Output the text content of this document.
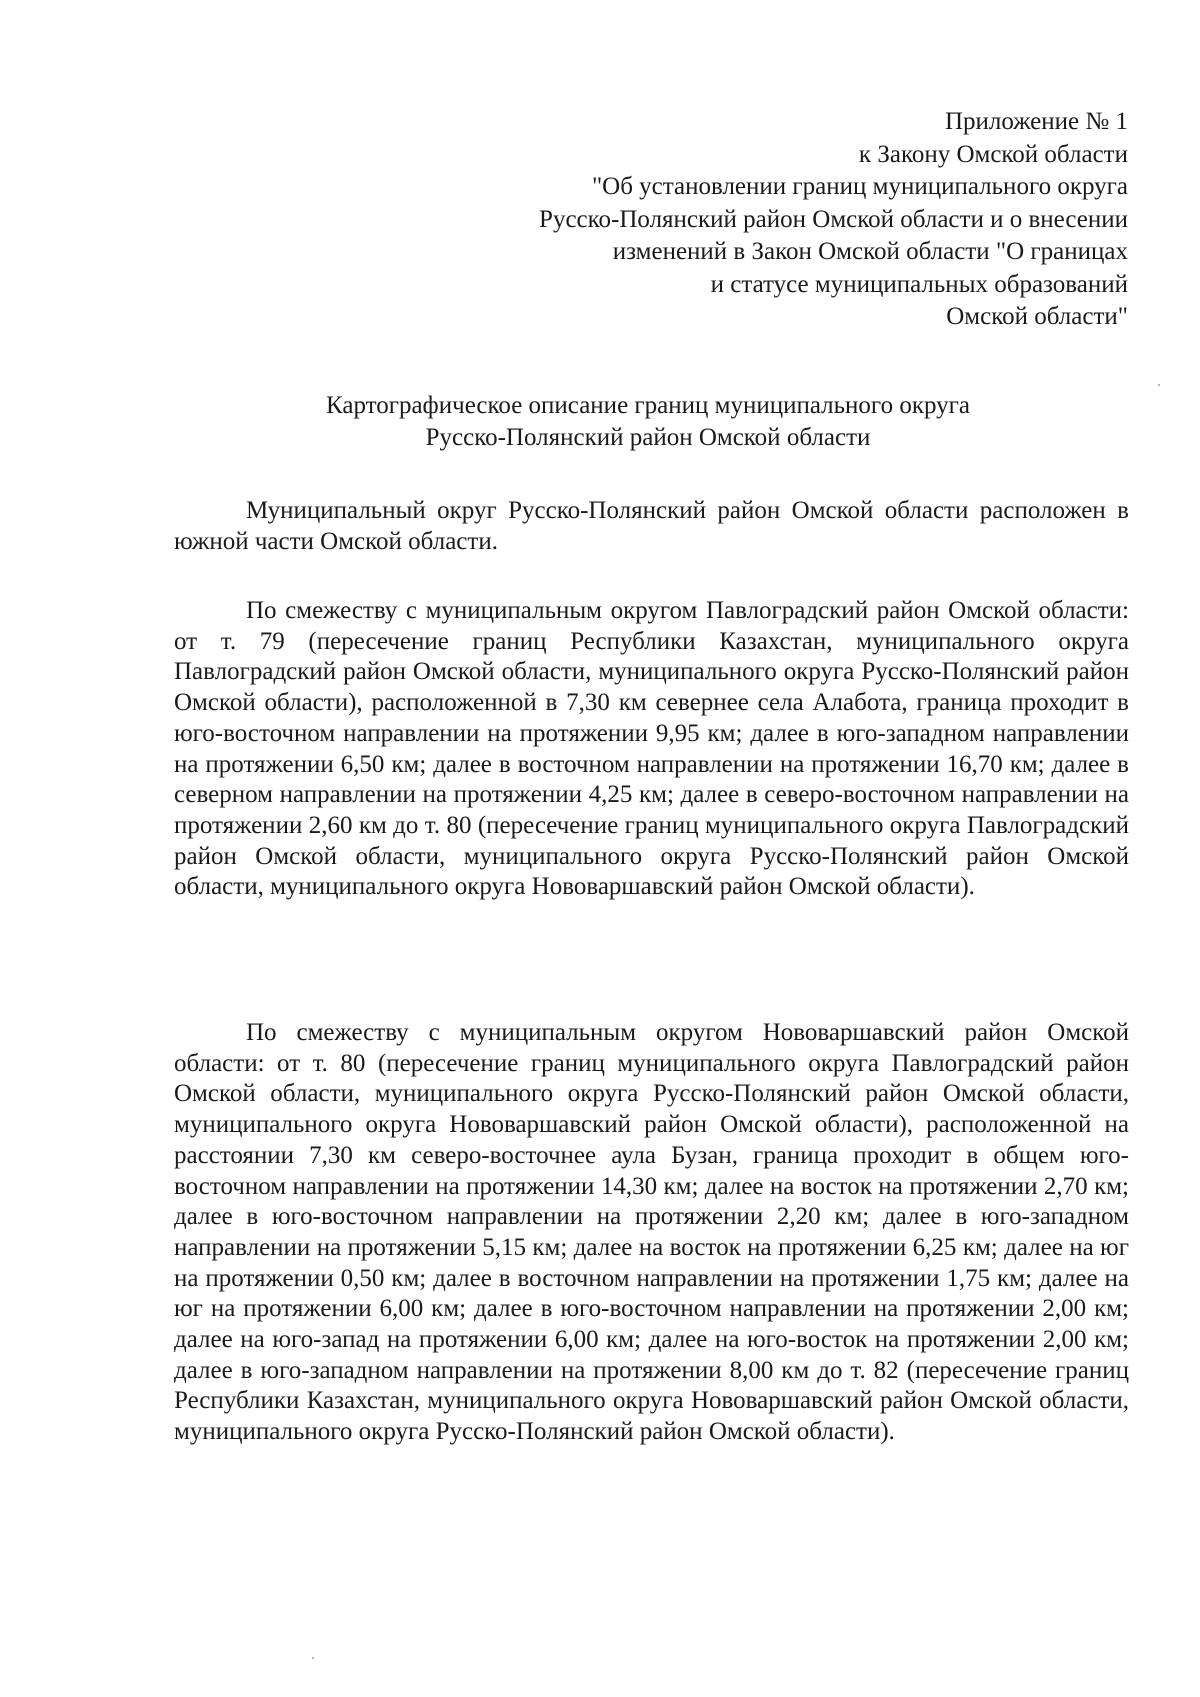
Приложение № 1
к Закону Омской области
"Об установлении границ муниципального округа
Русско-Полянский район Омской области и о внесении
изменений в Закон Омской области "О границах
и статусе муниципальных образований
Омской области"
Картографическое описание границ муниципального округа
Русско-Полянский район Омской области

Муниципальный округ Русско-Полянский район Омской области расположен в южной части Омской области.

По смежеству с муниципальным округом Павлоградский район Омской области: от т. 79 (пересечение границ Республики Казахстан, муниципального округа Павлоградский район Омской области, муниципального округа Русско-Полянский район Омской области), расположенной в 7,30 км севернее села Алабота, граница проходит в юго-восточном направлении на протяжении 9,95 км; далее в юго-западном направлении на протяжении 6,50 км; далее в восточном направлении на протяжении 16,70 км; далее в северном направлении на протяжении 4,25 км; далее в северо-восточном направлении на протяжении 2,60 км до т. 80 (пересечение границ муниципального округа Павлоградский район Омской области, муниципального округа Русско-Полянский район Омской области, муниципального округа Нововаршавский район Омской области).

По смежеству с муниципальным округом Нововаршавский район Омской области: от т. 80 (пересечение границ муниципального округа Павлоградский район Омской области, муниципального округа Русско-Полянский район Омской области, муниципального округа Нововаршавский район Омской области), расположенной на расстоянии 7,30 км северо-восточнее аула Бузан, граница проходит в общем юго-восточном направлении на протяжении 14,30 км; далее на восток на протяжении 2,70 км; далее в юго-восточном направлении на протяжении 2,20 км; далее в юго-западном направлении на протяжении 5,15 км; далее на восток на протяжении 6,25 км; далее на юг на протяжении 0,50 км; далее в восточном направлении на протяжении 1,75 км; далее на юг на протяжении 6,00 км; далее в юго-восточном направлении на протяжении 2,00 км; далее на юго-запад на протяжении 6,00 км; далее на юго-восток на протяжении 2,00 км; далее в юго-западном направлении на протяжении 8,00 км до т. 82 (пересечение границ Республики Казахстан, муниципального округа Нововаршавский район Омской области, муниципального округа Русско-Полянский район Омской области).
